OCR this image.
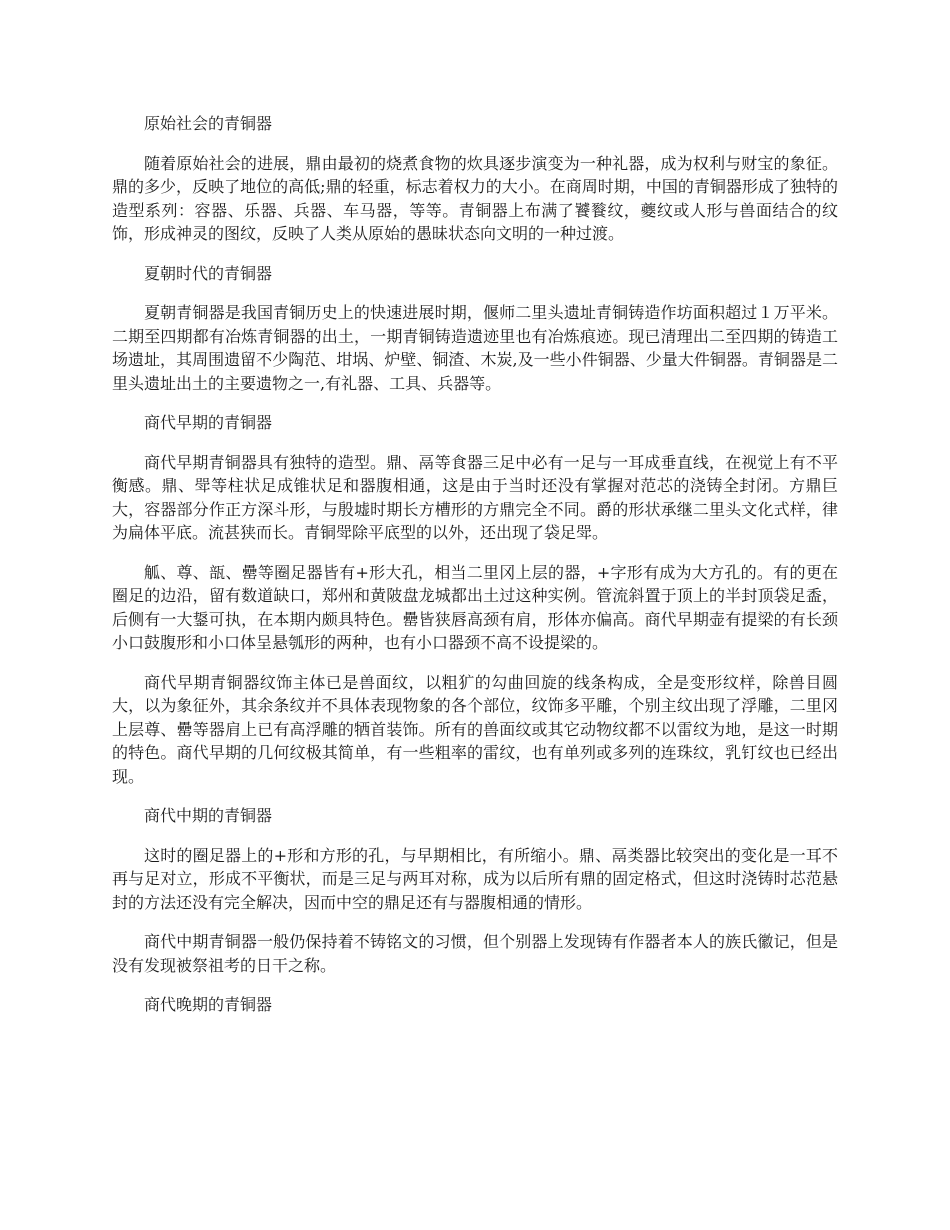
原始社会的青铜器

随着原始社会的进展，鼎由最初的烧煮食物的炊具逐步演变为一种礼器，成为权利与财宝的象征。鼎的多少，反映了地位的高低;鼎的轻重，标志着权力的大小。在商周时期，中国的青铜器形成了独特的造型系列：容器、乐器、兵器、车马器，等等。青铜器上布满了饕餮纹，夔纹或人形与兽面结合的纹饰，形成神灵的图纹，反映了人类从原始的愚昧状态向文明的一种过渡。

夏朝时代的青铜器

夏朝青铜器是我国青铜历史上的快速进展时期，偃师二里头遗址青铜铸造作坊面积超过１万平米。二期至四期都有冶炼青铜器的出土，一期青铜铸造遗迹里也有冶炼痕迹。现已清理出二至四期的铸造工场遗址，其周围遗留不少陶范、坩埚、炉壁、铜渣、木炭,及一些小件铜器、少量大件铜器。青铜器是二里头遗址出土的主要遗物之一,有礼器、工具、兵器等。

商代早期的青铜器

商代早期青铜器具有独特的造型。鼎、鬲等食器三足中必有一足与一耳成垂直线，在视觉上有不平衡感。鼎、斝等柱状足成锥状足和器腹相通，这是由于当时还没有掌握对范芯的浇铸全封闭。方鼎巨大，容器部分作正方深斗形，与殷墟时期长方槽形的方鼎完全不同。爵的形状承继二里头文化式样，律为扁体平底。流甚狭而长。青铜斝除平底型的以外，还出现了袋足斝。

觚、尊、瓿、罍等圈足器皆有+形大孔，相当二里冈上层的器，+字形有成为大方孔的。有的更在圈足的边沿，留有数道缺口，郑州和黄陂盘龙城都出土过这种实例。管流斜置于顶上的半封顶袋足盉，后侧有一大鋬可执，在本期内颇具特色。罍皆狭唇高颈有肩，形体亦偏高。商代早期壶有提梁的有长颈小口鼓腹形和小口体呈悬瓠形的两种，也有小口器颈不高不设提梁的。

商代早期青铜器纹饰主体已是兽面纹，以粗犷的勾曲回旋的线条构成，全是变形纹样，除兽目圆大，以为象征外，其余条纹并不具体表现物象的各个部位，纹饰多平雕，个别主纹出现了浮雕，二里冈上层尊、罍等器肩上已有高浮雕的牺首装饰。所有的兽面纹或其它动物纹都不以雷纹为地，是这一时期的特色。商代早期的几何纹极其简单，有一些粗率的雷纹，也有单列或多列的连珠纹，乳钉纹也已经出现。

商代中期的青铜器

这时的圈足器上的+形和方形的孔，与早期相比，有所缩小。鼎、鬲类器比较突出的变化是一耳不再与足对立，形成不平衡状，而是三足与两耳对称，成为以后所有鼎的固定格式，但这时浇铸时芯范悬封的方法还没有完全解决，因而中空的鼎足还有与器腹相通的情形。

商代中期青铜器一般仍保持着不铸铭文的习惯，但个别器上发现铸有作器者本人的族氏徽记，但是没有发现被祭祖考的日干之称。

商代晚期的青铜器
